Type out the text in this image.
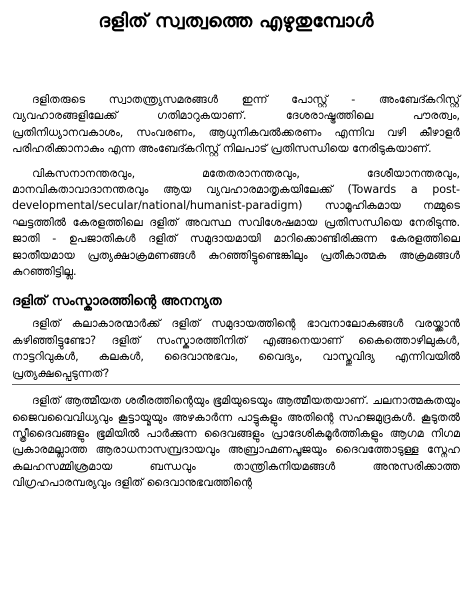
ദളിത് സ്വത്വത്തെ എഴുതുമ്പോൾ

ദളിതരുടെ സ്വാതന്ത്ര്യസമരങ്ങൾ ഇന്ന് പോസ്റ്റ് - അംബേദ്കറിസ്റ്റ് വ്യവഹാരങ്ങളിലേക്ക് ഗതിമാറുകയാണ്. ദേശരാഷ്ട്രത്തിലെ പൗരത്വം, പ്രതിനിധ്യാനവകാശം, സംവരണം, ആധുനികവൽക്കരണം എന്നിവ വഴി കീഴാളർ പരിഹരിക്കാനാകും എന്ന അംബേദ്കറിസ്റ്റ് നിലപാട് പ്രതിസന്ധിയെ നേരിടുകയാണ്.

വികസനാനന്തരവും, മതേതരാനന്തരവും, ദേശീയാനന്തരവും, മാനവികതാവാദാനന്തരവും ആയ വ്യവഹാരമാതൃകയിലേക്ക് (Towards a post-developmental/secular/national/humanist-paradigm) സാമൂഹികമായ നമ്മുടെ ഘട്ടത്തിൽ കേരളത്തിലെ ദളിത് അവസ്ഥ സവിശേഷമായ പ്രതിസന്ധിയെ നേരിടുന്നു. ജാതി - ഉപജാതികൾ ദളിത് സമുദായമായി മാറിക്കൊണ്ടിരിക്കുന്ന കേരളത്തിലെ ജാതീയമായ പ്രത്യക്ഷാക്രമണങ്ങൾ കുറഞ്ഞിട്ടുണ്ടെങ്കിലും പ്രതീകാത്മക അക്രമങ്ങൾ കുറഞ്ഞിട്ടില്ല.

ദളിത് സംസ്കാരത്തിന്റെ അനന്യത

ദളിത് കലാകാരന്മാർക്ക് ദളിത് സമുദായത്തിന്റെ ഭാവനാലോകങ്ങൾ വരയ്ക്കാൻ കഴിഞ്ഞിട്ടുണ്ടോ? ദളിത് സംസ്കാരത്തിനിത് എങ്ങനെയാണ് കൈത്തൊഴിലുകൾ, നാട്ടറിവുകൾ, കലകൾ, ദൈവാനുഭവം, വൈദ്യം, വാസ്തുവിദ്യ എന്നിവയിൽ പ്രത്യക്ഷപ്പെടുന്നത്?

ദളിത് ആത്മീയത ശരീരത്തിന്റെയും ഭൂമിയുടെയും ആത്മീയതയാണ്. ചലനാത്മകതയും ജൈവവൈവിധ്യവും കൂട്ടായ്മയും അഴകാർന്ന പാട്ടുകളും അതിന്റെ സഹജമുദ്രകൾ. കൂടുതൽ സ്ത്രീദൈവങ്ങളും ഭൂമിയിൽ പാർക്കുന്ന ദൈവങ്ങളും പ്രാദേശികമൂർത്തികളും ആഗമ നിഗമ പ്രകാരമല്ലാത്ത ആരാധനാസമ്പ്രദായവും അബ്രാഹ്മണപൂജയും ദൈവത്തോടുള്ള സ്നേഹ കലഹസമ്മിശ്രമായ ബന്ധവും താന്ത്രികനിയമങ്ങൾ അനുസരിക്കാത്ത വിഗ്രഹപാരമ്പര്യവും ദളിത് ദൈവാനുഭവത്തിന്റെ
